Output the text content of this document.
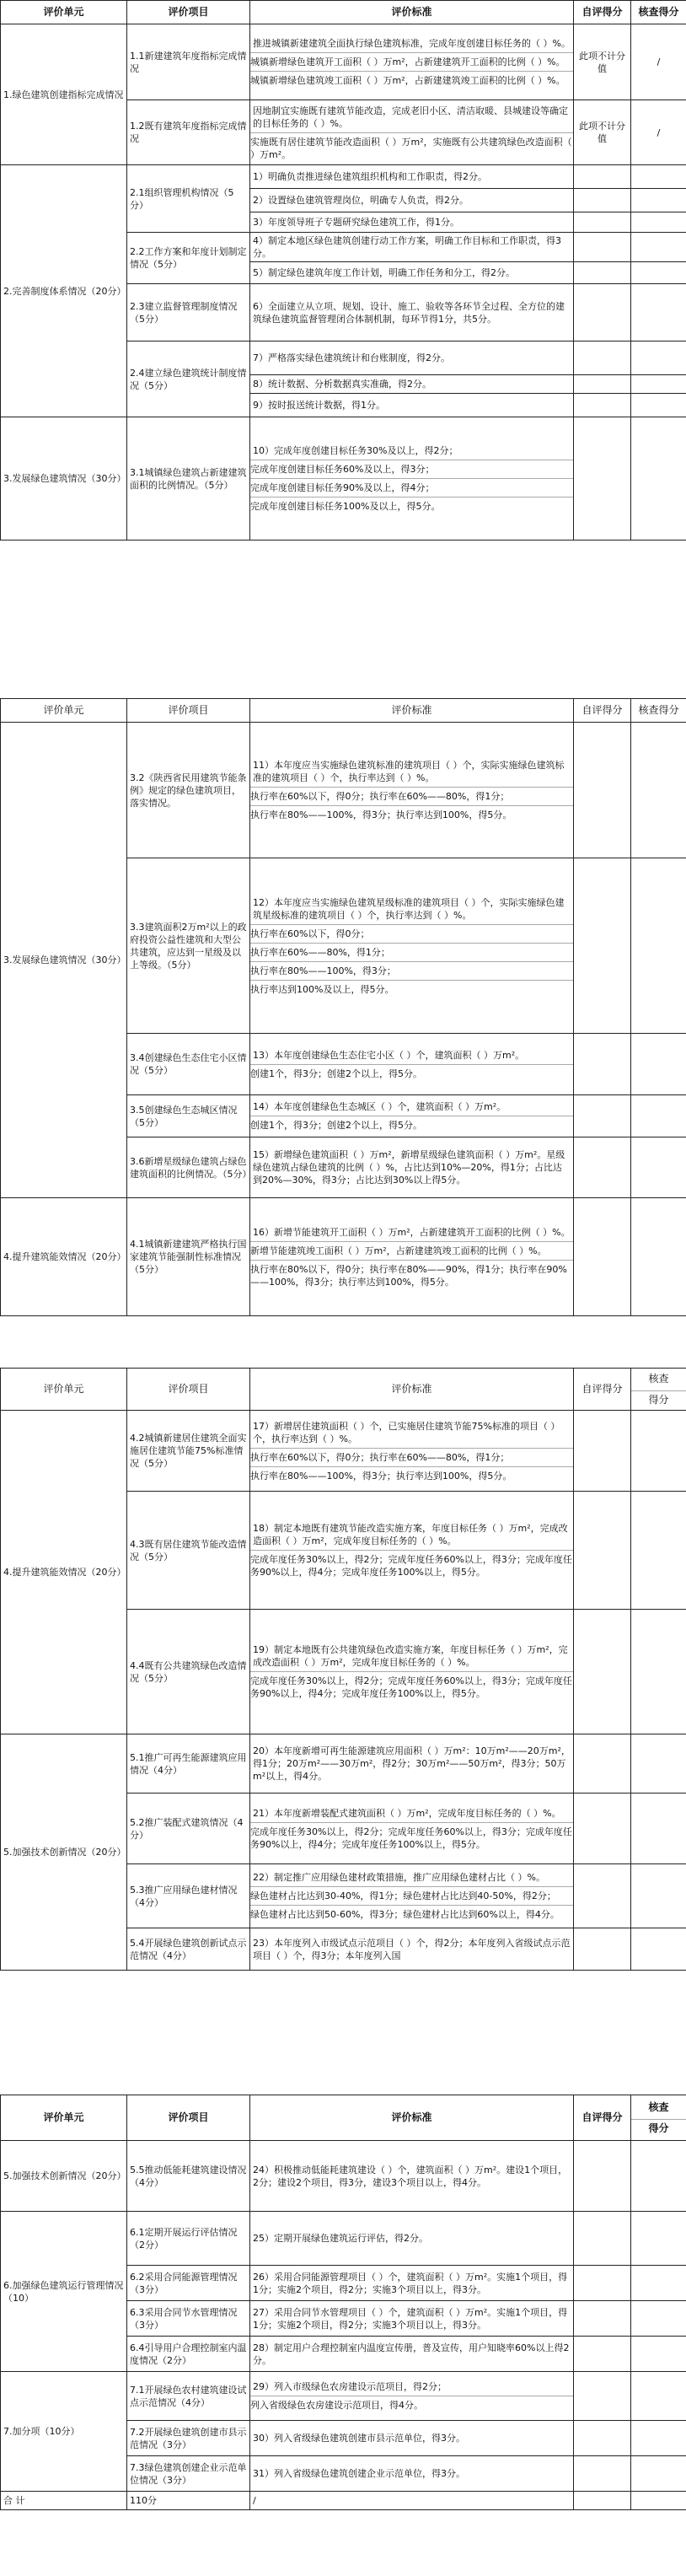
评价单元	评价项目	评价标准	自评得分	核查得分
1.绿色建筑创建指标完成情况	1.1新建建筑年度指标完成情况	推进城镇新建建筑全面执行绿色建筑标准，完成年度创建目标任务的（ ）%。
城镇新增绿色建筑开工面积（ ）万m²，占新建建筑开工面积的比例（ ）%。
城镇新增绿色建筑竣工面积（ ）万m²，占新建建筑竣工面积的比例（ ）%。	此项不计分值	/
	1.2既有建筑年度指标完成情况	因地制宜实施既有建筑节能改造，完成老旧小区、清洁取暖、县城建设等确定的目标任务的（ ）%。
实施既有居住建筑节能改造面积（ ）万m²，实施既有公共建筑绿色改造面积（ ）万m²。	此项不计分值	/
2.完善制度体系情况（20分）	2.1组织管理机构情况（5分）	1）明确负责推进绿色建筑组织机构和工作职责，得2分。		

		2）设置绿色建筑管理岗位，明确专人负责，得2分。		

		3）年度领导班子专题研究绿色建筑工作，得1分。		

	2.2工作方案和年度计划制定情况（5分）	4）制定本地区绿色建筑创建行动工作方案，明确工作目标和工作职责，得3分。		

		5）制定绿色建筑年度工作计划，明确工作任务和分工，得2分。		

	2.3建立监督管理制度情况（5分）	6）全面建立从立项、规划、设计、施工、验收等各环节全过程、全方位的建筑绿色建筑监督管理闭合体制机制，每环节得1分，共5分。		

	2.4建立绿色建筑统计制度情况（5分）	7）严格落实绿色建筑统计和台账制度，得2分。		

		8）统计数据、分析数据真实准确，得2分。		

		9）按时报送统计数据，得1分。		

3.发展绿色建筑情况（30分）	3.1城镇绿色建筑占新建建筑面积的比例情况。（5分）	10）完成年度创建目标任务30%及以上，得2分；
完成年度创建目标任务60%及以上，得3分；
完成年度创建目标任务90%及以上，得4分；
完成年度创建目标任务100%及以上，得5分。		

评价单元	评价项目	评价标准	自评得分	核查得分
3.发展绿色建筑情况（30分）	3.2《陕西省民用建筑节能条例》规定的绿色建筑项目，落实情况。	11）本年度应当实施绿色建筑标准的建筑项目（ ）个，实际实施绿色建筑标准的建筑项目（ ）个，执行率达到（ ）%。
执行率在60%以下，得0分；执行率在60%——80%，得1分；
执行率在80%——100%，得3分；执行率达到100%，得5分。		

	3.3建筑面积2万m²以上的政府投资公益性建筑和大型公共建筑，应达到一星级及以上等级。（5分）	12）本年度应当实施绿色建筑星级标准的建筑项目（ ）个，实际实施绿色建筑星级标准的建筑项目（ ）个，执行率达到（ ）%。
执行率在60%以下，得0分；
执行率在60%——80%，得1分；
执行率在80%——100%，得3分；
执行率达到100%及以上，得5分。		

	3.4创建绿色生态住宅小区情况（5分）	13）本年度创建绿色生态住宅小区（ ）个，建筑面积（ ）万m²。
创建1个，得3分；创建2个以上，得5分。		

	3.5创建绿色生态城区情况（5分）	14）本年度创建绿色生态城区（ ）个，建筑面积（ ）万m²。
创建1个，得3分；创建2个以上，得5分。		

	3.6新增星级绿色建筑占绿色建筑面积的比例情况。（5分）	15）新增绿色建筑面积（ ）万m²，新增星级绿色建筑面积（ ）万m²。星级绿色建筑占绿色建筑的比例（ ）%，占比达到10%—20%，得1分；占比达到20%—30%，得3分；占比达到30%以上得5分。		

4.提升建筑能效情况（20分）	4.1城镇新建建筑严格执行国家建筑节能强制性标准情况（5分）	16）新增节能建筑开工面积（ ）万m²，占新建建筑开工面积的比例（ ）%。
新增节能建筑竣工面积（ ）万m²，占新建建筑竣工面积的比例（ ）%。
执行率在80%以下，得0分；执行率在80%——90%，得1分；执行率在90%——100%，得3分；执行率达到100%，得5分。		

评价单元	评价项目	评价标准	自评得分	核查
得分

4.提升建筑能效情况（20分）	4.2城镇新建居住建筑全面实施居住建筑节能75%标准情况（5分）	17）新增居住建筑面积（ ）个，已实施居住建筑节能75%标准的项目（ ）个，执行率达到（ ）%。
执行率在60%以下，得0分；执行率在60%——80%，得1分；
执行率在80%——100%，得3分；执行率达到100%，得5分。		

	4.3既有居住建筑节能改造情况（5分）	18）制定本地既有建筑节能改造实施方案，年度目标任务（ ）万m²，完成改造面积（ ）万m²，完成年度目标任务的（ ）%。
完成年度任务30%以上，得2分；完成年度任务60%以上，得3分；完成年度任务90%以上，得4分；完成年度任务100%以上，得5分。		

	4.4既有公共建筑绿色改造情况（5分）	19）制定本地既有公共建筑绿色改造实施方案，年度目标任务（ ）万m²，完成改造面积（ ）万m²，完成年度目标任务的（ ）%。
完成年度任务30%以上，得2分；完成年度任务60%以上，得3分；完成年度任务90%以上，得4分；完成年度任务100%以上，得5分。		

5.加强技术创新情况（20分）	5.1推广可再生能源建筑应用情况（4分）	20）本年度新增可再生能源建筑应用面积（ ）万m²：10万m²——20万m²，得1分；20万m²——30万m²，得2分；30万m²——50万m²，得3分；50万m²以上，得4分。		

	5.2推广装配式建筑情况（4分）	21）本年度新增装配式建筑面积（ ）万m²，完成年度目标任务的（ ）%。
完成年度任务30%以上，得2分；完成年度任务60%以上，得3分；完成年度任务90%以上，得4分；完成年度任务100%以上，得5分。		

	5.3推广应用绿色建材情况（4分）	22）制定推广应用绿色建材政策措施，推广应用绿色建材占比（ ）%。
绿色建材占比达到30-40%，得1分；绿色建材占比达到40-50%，得2分；
绿色建材占比达到50-60%，得3分；绿色建材占比达到60%以上，得4分。		

	5.4开展绿色建筑创新试点示范情况（4分）	23）本年度列入市级试点示范项目（ ）个，得2分；本年度列入省级试点示范项目（ ）个，得3分；本年度列入国		

评价单元	评价项目	评价标准	自评得分	核查
得分

5.加强技术创新情况（20分）	5.5推动低能耗建筑建设情况（4分）	24）积极推动低能耗建筑建设（ ）个，建筑面积（ ）万m²。建设1个项目，2分；建设2个项目，得3分，建设3个项目以上，得4分。		

6.加强绿色建筑运行管理情况（10）	6.1定期开展运行评估情况（2分）	25）定期开展绿色建筑运行评估，得2分。		

	6.2采用合同能源管理情况（3分）	26）采用合同能源管理项目（ ）个，建筑面积（ ）万m²。实施1个项目，得1分；实施2个项目，得2分；实施3个项目以上，得3分。		

	6.3采用合同节水管理情况（3分）	27）采用合同节水管理项目（ ）个，建筑面积（ ）万m²。实施1个项目，得1分；实施2个项目，得2分；实施3个项目以上，得3分。		

	6.4引导用户合理控制室内温度情况（2分）	28）制定用户合理控制室内温度宣传册，普及宣传，用户知晓率60%以上得2分。		

7.加分项（10分）	7.1开展绿色农村建筑建设试点示范情况（4分）	29）列入市级绿色农房建设示范项目，得2分；
列入省级绿色农房建设示范项目，得4分。		

	7.2开展绿色建筑创建市县示范情况（3分）	30）列入省级绿色建筑创建市县示范单位，得3分。		

	7.3绿色建筑创建企业示范单位情况（3分）	31）列入省级绿色建筑创建企业示范单位，得3分。		

合 计	110分	/		
